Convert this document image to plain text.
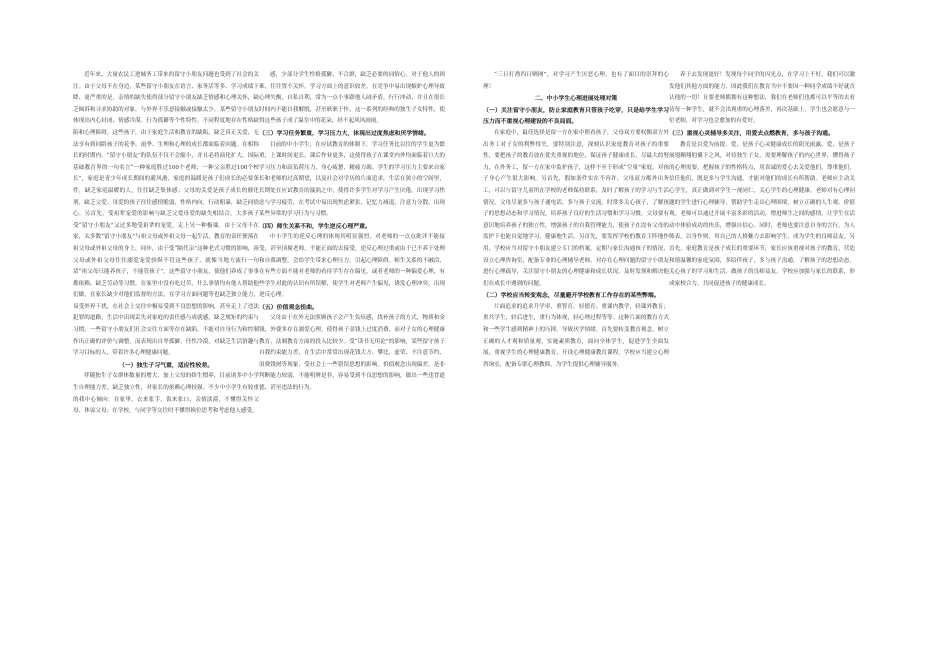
近年来，大量农民工进城务工带来的留守小朋友问题也受到了社会的关注。由于父母不在身边，某些留守小朋友在语言、家务活等多、学习成绩下降、更严重的是，亲情的缺失使得部分留守小朋友缺乏情感和心理关怀，缺乏倾诉和寻求协助的对象，与外界不乐意接触或接触太少，某些留守小朋友体现出内心封闭、情感冷漠、行为孤僻等个性特性。不同程度地存在性格缺陷和心理障碍。这些孩子，由于家庭生活和教育的缺陷，缺乏真正关爱，无法享有到同龄孩子的花季、雨季、生理和心理的成长都面临着问题。在相称长的时期内，“留守小朋友”旳队伍不仅不会缩小，并且必将演化扩大。国际基础教育界的一句名言“一种家庭胜过100个老师；一种父亲胜过100个校长”，家庭是青少年成长期间的避风港，家庭的温暖是孩子们成长的必要条件，缺乏家庭温暖的人，往往缺乏集体感；父母的关爱是孩子成长的催化剂，缺乏父爱、母爱的孩子往往感情脆弱、性格内向、行动粗暴，缺乏同情心。另首先，受祖辈宠爱的影响与缺乏父爱母爱的缺失相结合，大多孩子受“留守小朋友”又过多地受祖辈的宠爱，走上另一种极端。由于父母不在家，太多数“留守小朋友”与祖父母或外祖父母一起生活，教育的责任便落在祖父母或外祖父母的身上，同步，由于受“隔代亲”这种老式习惯的影响，祖父母或外祖父母往往溺爱宠爱骄纵不管这些孩子，就像当地方流行一句话“祖父母只能养孩子，不能管孩子”，这些留守小朋友，使他们养成了事事都依赖、缺乏劳动等习惯，在家里中没有吃过苦，什么事情均有他人帮助他们做，在家长缺少对他们监督的方法，在学习方面问题等也缺乏独立能力，易受外界干扰，在社会上交往中极易受到不良思想的影响，甚至走上了违法犯罪的道路，生活中出现丢失对家庭的责任感与成就感，缺乏规矩的约束与习惯，一些留守小朋友们社会交往方面等存在缺陷，不能对自身行为和控制作出正确的评价与调整，而表现出自卑孤僻、任性冷漠，对缺乏生活情趣与学习目标的人，带着许多心理健康问题。

（一）独生子习气重，适应性较差。

伴随独生子女群体数量的增大，加上父母的娇生惯养，目前诸多中小学生自理能力差，缺乏独立性，对家长的依赖心理较强。不少中小学生有较重的我中心倾向：在家里，衣来张手，饭来张口，亲情淡漠，不懂得关怀父母、体谅父母；在学校，与同学等交往时不懂得换位思考和考虑他人感受。

感，少部分学生性格孤僻、不合群，缺乏必要的同情心，对于他人的困难，往往置不关怀，学习方面上的意识较差，在竞争中易出现嫉妒心理导致心理失衡，自私自利，常为一点小事跟他人闹矛盾，行行冲动，并且在很长时间内不能自我解脱，甚至耿耿于怀，这一系列的经典的独生子女特性，使得这些孩子成了温室中的花朵，经不起风风雨雨。

（三）学习任务繁重，学习压力大，体现出过度焦虑和厌学情绪。

目前的中小学生，在应试教育的体制下，学习任务比以往的学生更为繁重，上课时间更长，课后作业更多，这使得孩子在课堂内外均面临着巨大的学习压力和高负荷压力，身心疲惫，精疲力竭。学生的学习压力主要来自家长和老师的过高期望，以及社会对学历的片面追求，生活在狭小的空间里，长期处在应试教育的漩涡之中，使得许多学生对学习产生厌倦，出现学习焦虑与学习疲劳，在考试中易出现焦虑紧张，记忆力减退，注意力分散，出现某些异常的学习行为与习惯。

（四）师生关系不和，学生逆反心理严重。

中小学生的逆反心理的体现其明显强烈，对老师的一点点批评不能接受，甚至顶撞老师，不能正面的去接受，逆反心理过重或由于已不养于处理和自我调整，会给学生带来心理压力，引起心理障碍。师生关系的不融洽，在有些方面不能对老师的看待学生存在偏见，或者老师的一种偏爱心理，有些学生对此的认识有所误解，使学生对老师产生偏见，诱发心理冲突，出现逆反心理。

（五）价值观念扭曲。

父母由于在外无法照顾孩子会产生负疚感，找补孩子的方式，物质和金钱，外婆多存在溺爱心理，使得孩子金钱上过度消费，而对子女的心理健康教育、法制教育方面的投入比较少。受“读书无用论”的影响，某些留守孩子自我约束能力差，在生活中常常出现花钱大方、攀比、虚荣、不注意节约、浪费钱财等现象，受社会上一些错误思想的影响，价值观念出现偏差，是非判断能力较弱，不能明辨是非，容易受到不良思想的影响，做出一些违背道德、甚至违法的行为。

“三日打渔四日晒网”，对学习产生厌恶心理，也有了面目的崇拜的心理！

二、中小学生心理进展处理对策
（一）关注留守小朋友，防止家庭教育只管孩子吃穿，只是给学生学习压力而不重视心理建设的不良局面。

在家庭中，最佳选择是留一方在家中照看孩子。父母双方要权衡双方外出务工对子女的利弊得失，要特别注意，深刻认识家庭教育对孩子的重要性，要把孩子的教育放在优先重视的地位，保证孩子健康成长，尽最大的努力，在外务工，留一方在家中监护孩子，这样不至于形成“空巢”家庭。对孩子身心产生很大影响。另首先，假如条件实在不容许，父母双方都外出务工，可以与留守儿童所在学校的老师保持联系，及时了解孩子的学习与生活情况，父母尽量多与孩子通电话，多与孩子交流，时常多关心孩子，了解孩子的思想动态和学习情况，培养孩子良好的生活习惯和学习习惯，父母要有意识地培养孩子的独立性，增强孩子的自我管理能力，使孩子在没有父母的监护下也能自觉地学习，健康地生活。另首先，要发挥学校的教育主阵地作用，学校应当对留守小朋友建立专门的档案，定期与家长沟通孩子的情况，设立心理咨询室，配备专业的心理辅导老师，对存在心理问题的留守小朋友进行心理疏导，关注留守小朋友的心理健康和成长状况，及时发现和解决他们在成长中遇到的问题。

（二）学校应当转变观念，尽量避开学校教育工作存在的某些弊端。

片面追求的追求升学率，重智育、轻德育；重课内教学，轻课外教育；重共学生，轻后进生，重行为体现，轻心理过程等等。这种片面的教育方式和一些学生感到精神上的压抑，导致厌学情绪。首先要转变教育观念，树立正确的人才观和质量观，实施素质教育，面向全体学生，促进学生全面发展，重视学生的心理健康教育，开设心理健康教育课程，学校应当建立心理咨询室，配备专职心理教师，为学生提供心理辅导服务。

养于去发现更好！发现每个同学的闪光点，在学习上不好，我们可以激发他们其他方面的能力，因此我们在教育当中不要因一种同学成绩不好就否认他的一切！且要老师都拥有这种想法，我们在老师们也都可以平等的去看待每一种学生，就不会出现重的心理落差，再次基础上，学生也会愿意与一位老师，对学习也会愈加的有爱好。

（三）重视心灵辅导多关注，用爱去点燃教育，多与孩子沟通。

教育是以爱为前提，爱，是孩子心灵健康成长的阳光雨露，爱，是孩子展翅翱翔的翼下之风，对待独生子女，需要理解孩子的内心世界，懂得孩子的心理需要，把握孩子的性格特点，用真诚的爱心去关爱他们，尊重他们，信任他们，既是多与学生沟通，才能对他们的成长有所帮助。老师应主动关心学生，真正做到对学生一视同仁，关心学生的心理健康。老师对有心理问题的学生进行心理辅导，帮助学生走出心理困境，树立正确的人生观、价值观。老师可以通过开展丰富多彩的活动，增进师生之间的感情，让学生在活动中体验成功的快乐，增强自信心。同时，老师也要注意自身的言行，为人师表，以身作则，用自己的人格魅力去影响学生，成为学生的良师益友。另首先，家庭教育是孩子成长的重要环节，家长应该重视对孩子的教育，营造和谐温馨的家庭氛围，多陪伴孩子，多与孩子沟通，了解孩子的思想动态，关心孩子的学习和生活，做孩子的良师益友。学校应加强与家长的联系，形成家校合力，共同促进孩子的健康成长。
